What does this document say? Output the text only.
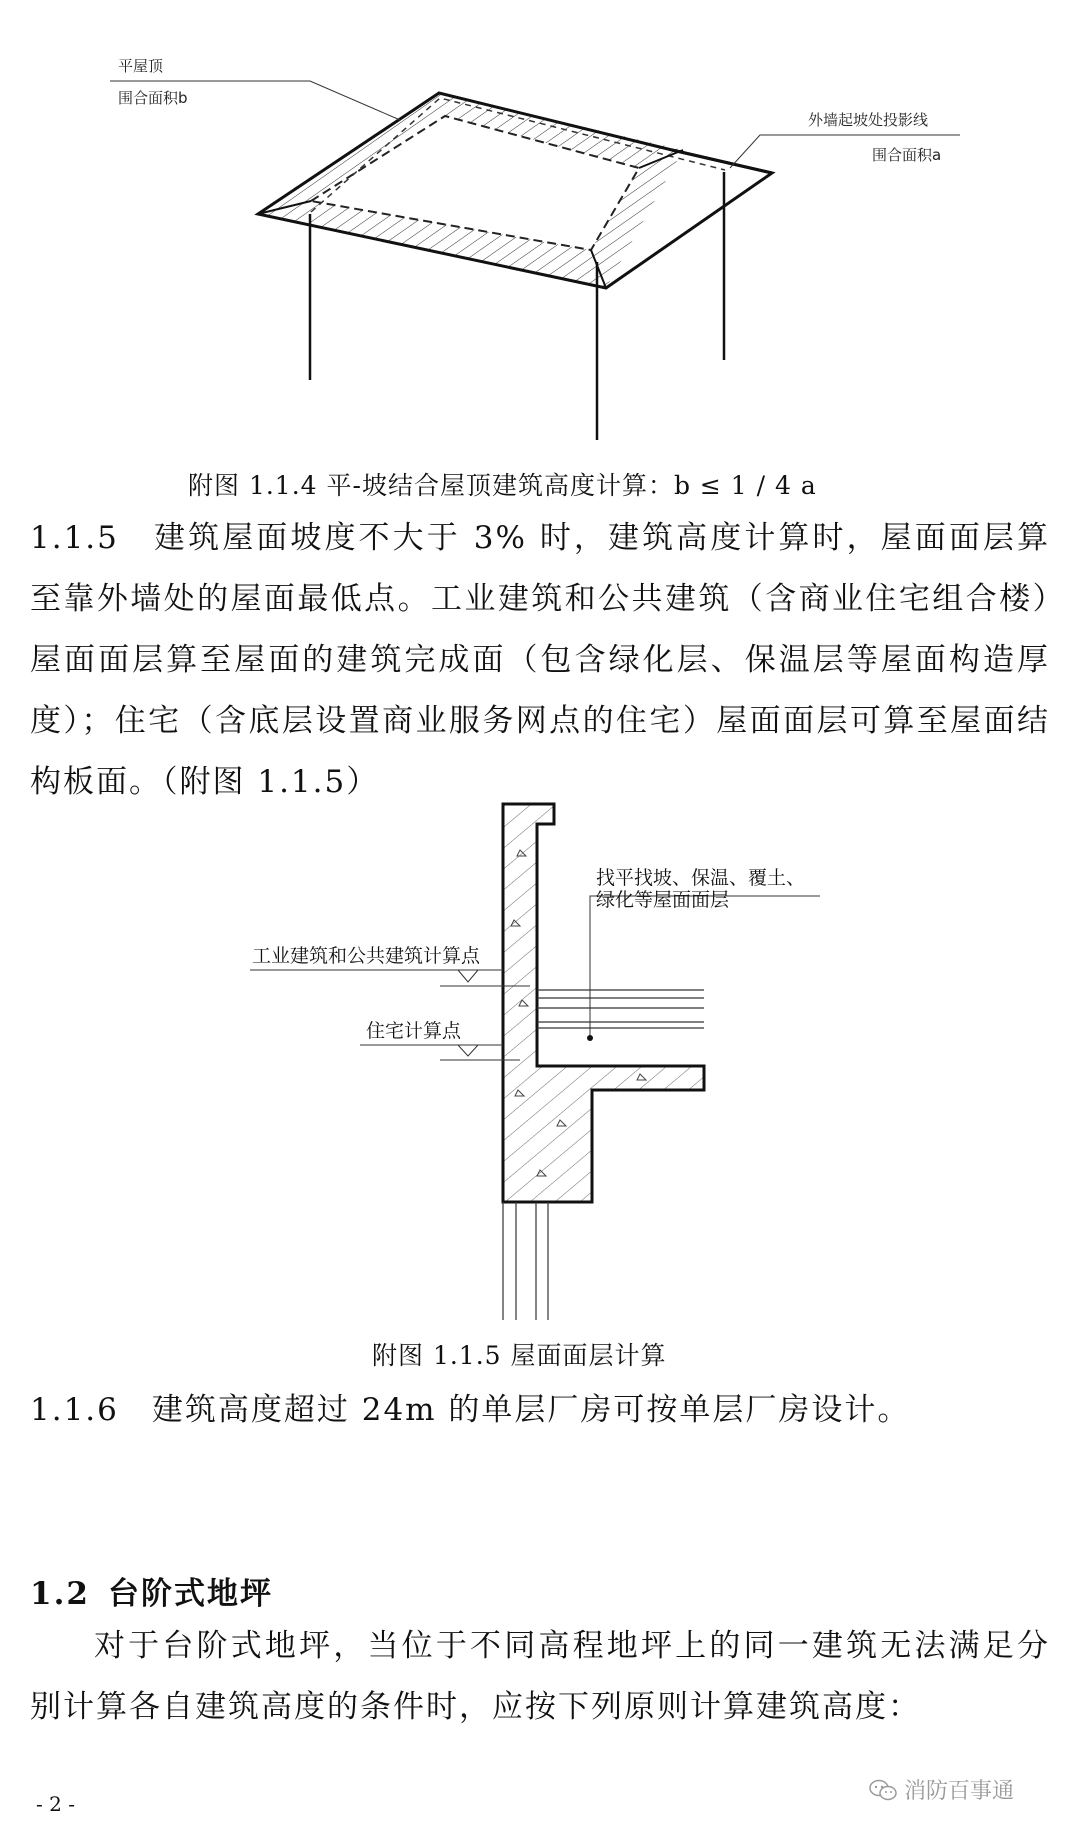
平屋顶
围合面积b
外墙起坡处投影线
围合面积a
附图 1.1.4 平-坡结合屋顶建筑高度计算：b ≤ 1 / 4 a
1.1.5　建筑屋面坡度不大于 3% 时，建筑高度计算时，屋面面层算至靠外墙处的屋面最低点。工业建筑和公共建筑（含商业住宅组合楼）屋面面层算至屋面的建筑完成面（包含绿化层、保温层等屋面构造厚度）；住宅（含底层设置商业服务网点的住宅）屋面面层可算至屋面结构板面。（附图 1.1.5）
找平找坡、保温、覆土、
绿化等屋面面层
工业建筑和公共建筑计算点
住宅计算点
附图 1.1.5 屋面面层计算
1.1.6　建筑高度超过 24m 的单层厂房可按单层厂房设计。
1.2 台阶式地坪
对于台阶式地坪，当位于不同高程地坪上的同一建筑无法满足分别计算各自建筑高度的条件时，应按下列原则计算建筑高度：
- 2 -	消防百事通
